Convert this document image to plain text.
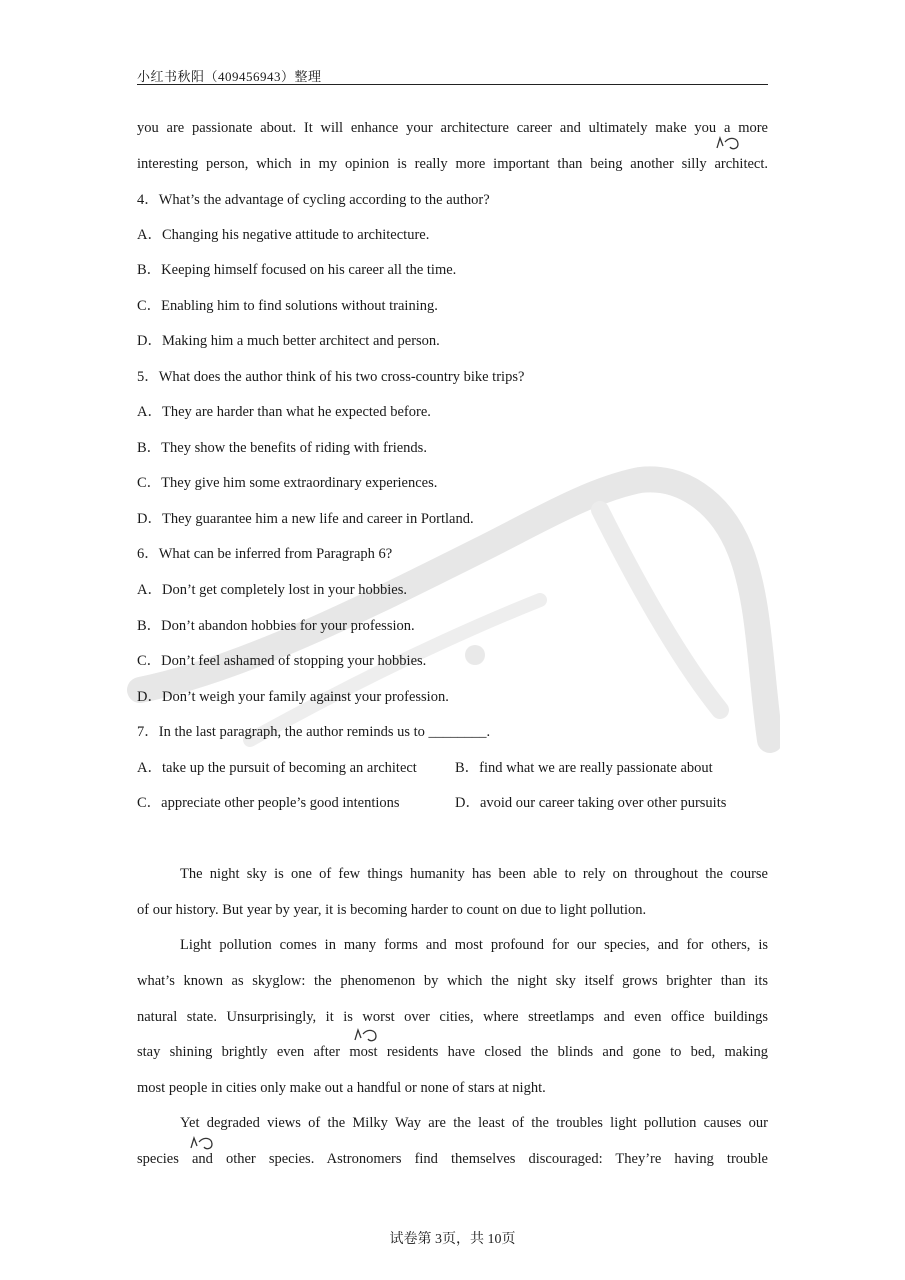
小红书秋阳（409456943）整理
you are passionate about. It will enhance your architecture career and ultimately make you a more
interesting person, which in my opinion is really more important than being another silly architect.
4．What’s the advantage of cycling according to the author?
A．Changing his negative attitude to architecture.
B．Keeping himself focused on his career all the time.
C．Enabling him to find solutions without training.
D．Making him a much better architect and person.
5．What does the author think of his two cross-country bike trips?
A．They are harder than what he expected before.
B．They show the benefits of riding with friends.
C．They give him some extraordinary experiences.
D．They guarantee him a new life and career in Portland.
6．What can be inferred from Paragraph 6?
A．Don’t get completely lost in your hobbies.
B．Don’t abandon hobbies for your profession.
C．Don’t feel ashamed of stopping your hobbies.
D．Don’t weigh your family against your profession.
7．In the last paragraph, the author reminds us to ________.
A．take up the pursuit of becoming an architect	B．find what we are really passionate about
C．appreciate other people’s good intentions	D．avoid our career taking over other pursuits
The night sky is one of few things humanity has been able to rely on throughout the course
of our history. But year by year, it is becoming harder to count on due to light pollution.
Light pollution comes in many forms and most profound for our species, and for others, is
what’s known as skyglow: the phenomenon by which the night sky itself grows brighter than its
natural state. Unsurprisingly, it is worst over cities, where streetlamps and even office buildings
stay shining brightly even after most residents have closed the blinds and gone to bed, making
most people in cities only make out a handful or none of stars at night.
Yet degraded views of the Milky Way are the least of the troubles light pollution causes our
species and other species. Astronomers find themselves discouraged: They’re having trouble
试卷第 3页，共 10页
